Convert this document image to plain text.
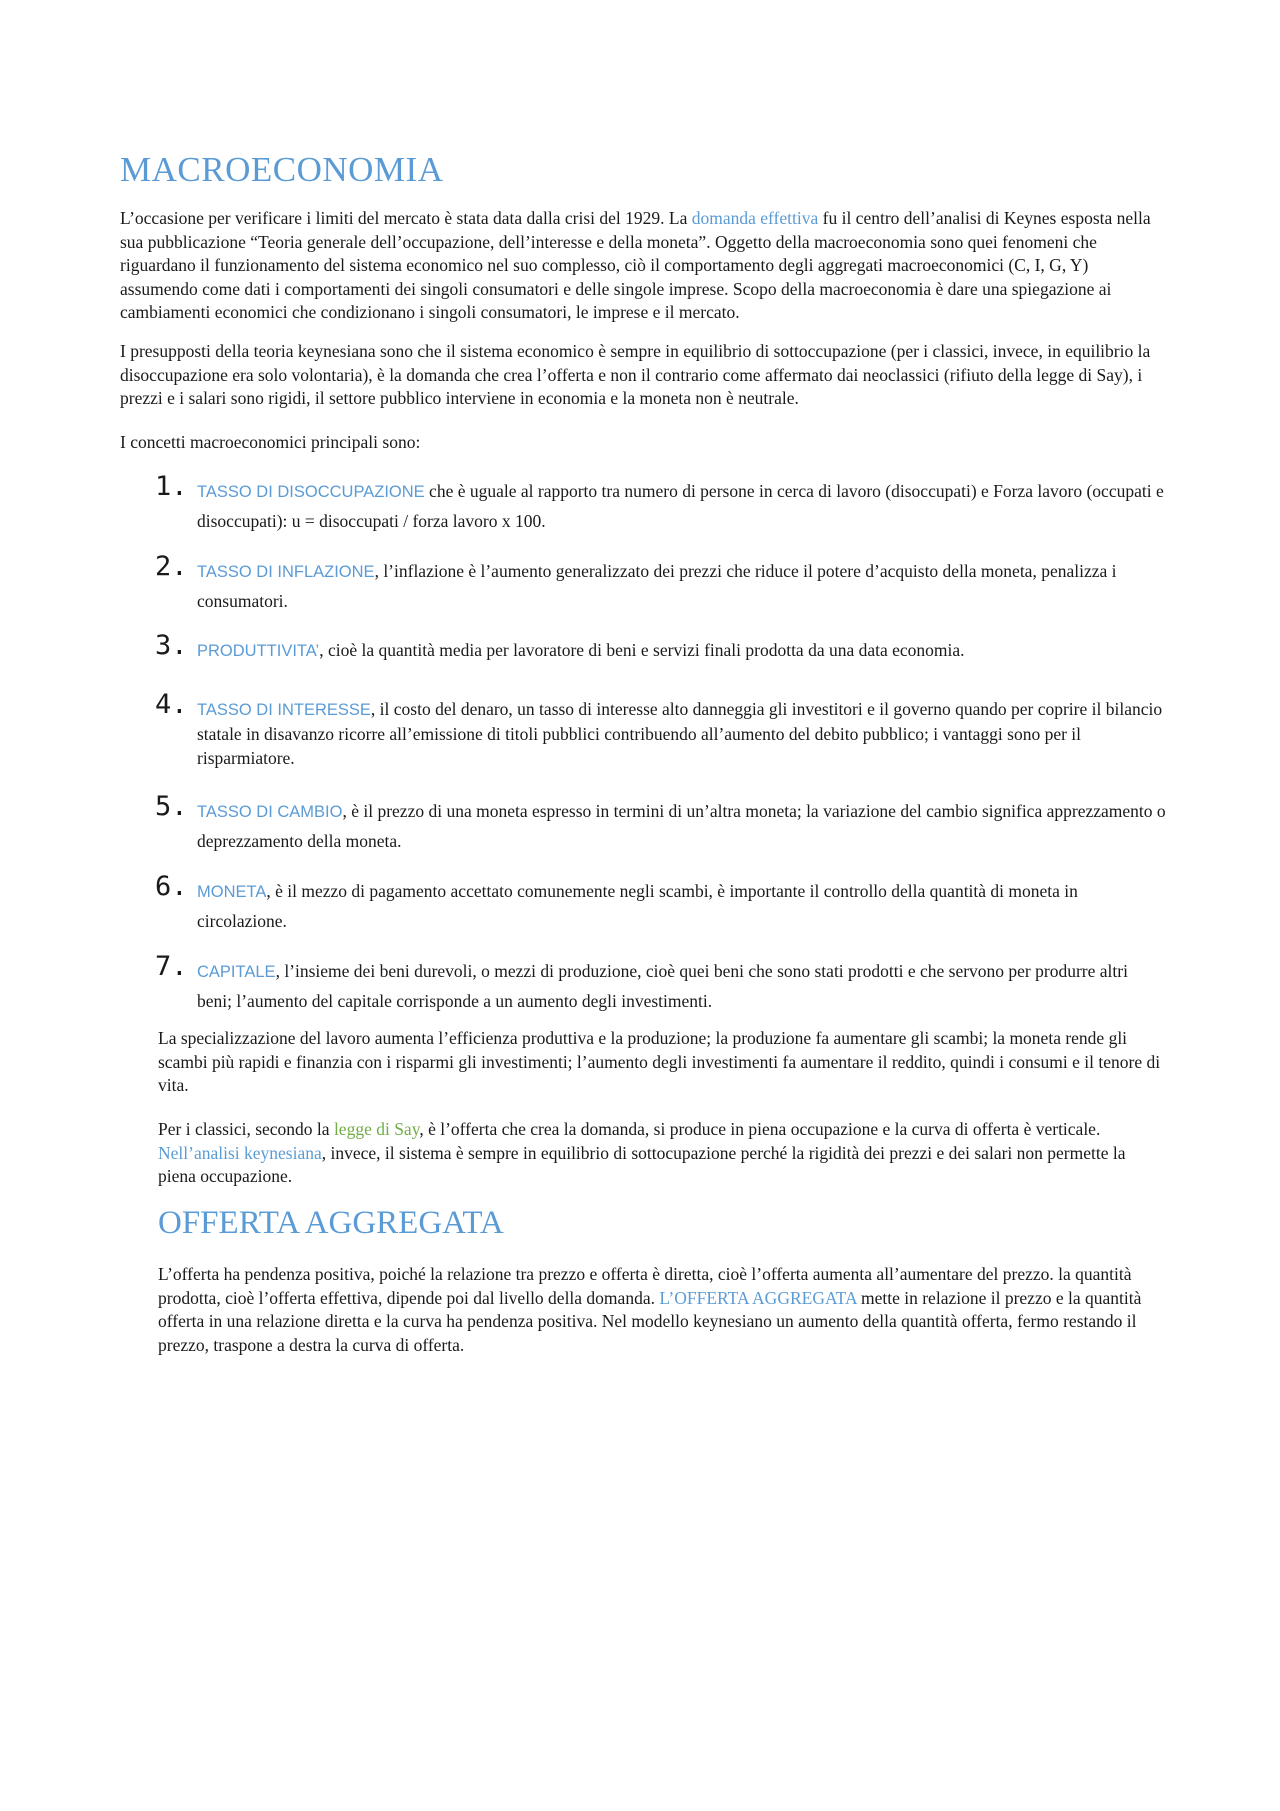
MACROECONOMIA

L’occasione per verificare i limiti del mercato è stata data dalla crisi del 1929. La domanda effettiva fu il centro dell’analisi di Keynes esposta nella sua pubblicazione “Teoria generale dell’occupazione, dell’interesse e della moneta”. Oggetto della macroeconomia sono quei fenomeni che riguardano il funzionamento del sistema economico nel suo complesso, ciò il comportamento degli aggregati macroeconomici (C, I, G, Y) assumendo come dati i comportamenti dei singoli consumatori e delle singole imprese. Scopo della macroeconomia è dare una spiegazione ai cambiamenti economici che condizionano i singoli consumatori, le imprese e il mercato.

I presupposti della teoria keynesiana sono che il sistema economico è sempre in equilibrio di sottoccupazione (per i classici, invece, in equilibrio la disoccupazione era solo volontaria), è la domanda che crea l’offerta e non il contrario come affermato dai neoclassici (rifiuto della legge di Say), i prezzi e i salari sono rigidi, il settore pubblico interviene in economia e la moneta non è neutrale.

I concetti macroeconomici principali sono:

1. TASSO DI DISOCCUPAZIONE che è uguale al rapporto tra numero di persone in cerca di lavoro (disoccupati) e Forza lavoro (occupati e disoccupati): u = disoccupati / forza lavoro x 100.

2. TASSO DI INFLAZIONE, l’inflazione è l’aumento generalizzato dei prezzi che riduce il potere d’acquisto della moneta, penalizza i consumatori.

3. PRODUTTIVITA’, cioè la quantità media per lavoratore di beni e servizi finali prodotta da una data economia.

4. TASSO DI INTERESSE, il costo del denaro, un tasso di interesse alto danneggia gli investitori e il governo quando per coprire il bilancio statale in disavanzo ricorre all’emissione di titoli pubblici contribuendo all’aumento del debito pubblico; i vantaggi sono per il risparmiatore.

5. TASSO DI CAMBIO, è il prezzo di una moneta espresso in termini di un’altra moneta; la variazione del cambio significa apprezzamento o deprezzamento della moneta.

6. MONETA, è il mezzo di pagamento accettato comunemente negli scambi, è importante il controllo della quantità di moneta in circolazione.

7. CAPITALE, l’insieme dei beni durevoli, o mezzi di produzione, cioè quei beni che sono stati prodotti e che servono per produrre altri beni; l’aumento del capitale corrisponde a un aumento degli investimenti.

La specializzazione del lavoro aumenta l’efficienza produttiva e la produzione; la produzione fa aumentare gli scambi; la moneta rende gli scambi più rapidi e finanzia con i risparmi gli investimenti; l’aumento degli investimenti fa aumentare il reddito, quindi i consumi e il tenore di vita.

Per i classici, secondo la legge di Say, è l’offerta che crea la domanda, si produce in piena occupazione e la curva di offerta è verticale. Nell’analisi keynesiana, invece, il sistema è sempre in equilibrio di sottocupazione perché la rigidità dei prezzi e dei salari non permette la piena occupazione.

OFFERTA AGGREGATA

L’offerta ha pendenza positiva, poiché la relazione tra prezzo e offerta è diretta, cioè l’offerta aumenta all’aumentare del prezzo. la quantità prodotta, cioè l’offerta effettiva, dipende poi dal livello della domanda. L’OFFERTA AGGREGATA mette in relazione il prezzo e la quantità offerta in una relazione diretta e la curva ha pendenza positiva. Nel modello keynesiano un aumento della quantità offerta, fermo restando il prezzo, traspone a destra la curva di offerta.
